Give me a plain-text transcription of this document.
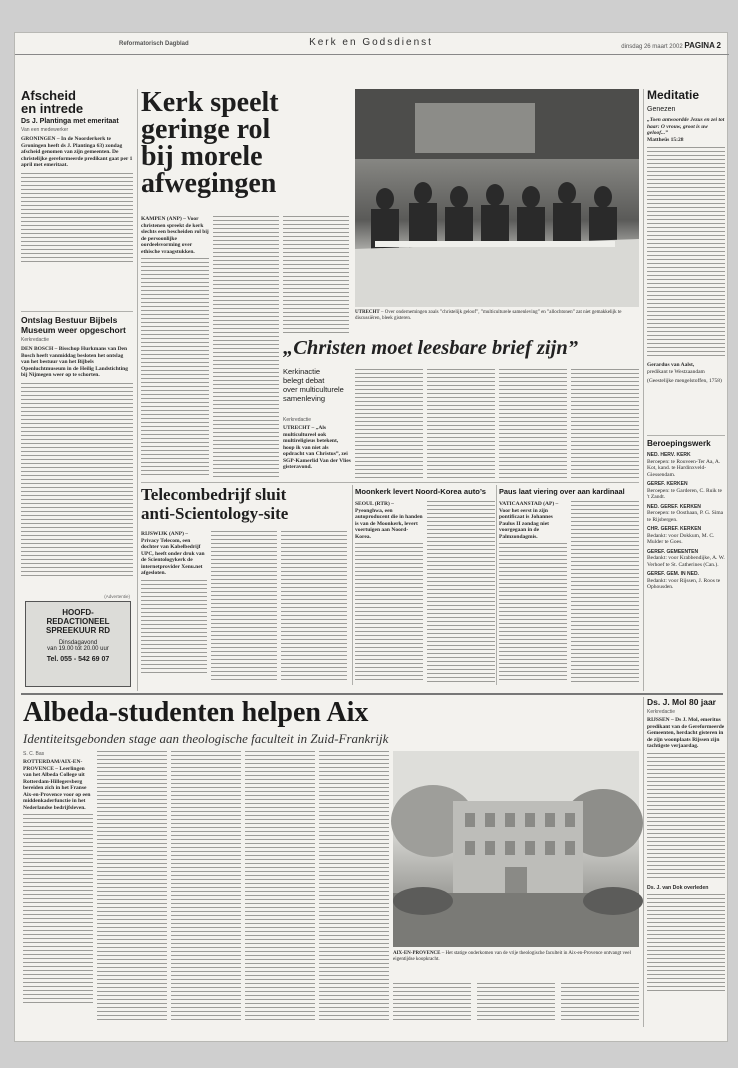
Reformatorisch Dagblad	Kerk en Godsdienst	dinsdag 26 maart 2002 PAGINA 2
Afscheid
en intrede
Ds J. Plantinga met emeritaat
Van een medewerker
GRONINGEN – In de Noorderkerk te Groningen heeft ds J. Plantinga 63) zondag afscheid genomen van zijn gemeenten. De christelijke gereformeerde predikant gaat per 1 april met emeritaat.
Ontslag Bestuur Bijbels Museum weer opgeschort
Kerkredactie
DEN BOSCH – Bisschop Hurkmans van Den Bosch heeft vanmiddag besloten het ontslag van het bestuur van het Bijbels Openluchtmuseum in de Heilig Landstichting bij Nijmegen weer op te schorten.
(Advertentie)
HOOFD-
REDACTIONEEL
SPREEKUUR RD
Dinsdagavond
van 19.00 tot 20.00 uur
Tel. 055 - 542 69 07
Kerk speelt
geringe rol
bij morele
afwegingen
KAMPEN (ANP) – Voor christenen spreekt de kerk slechts een bescheiden rol bij de persoonlijke oordeelsvorming over ethische vraagstukken.
UTRECHT – Over ondernemingen zoals ”christelijk geloof”, ”multiculturele samenleving” en ”allochtonen” zat niet gemakkelijk te discussiëren, bleek gisteren.
„Christen moet leesbare brief zijn”
Kerkinactie
belegt debat
over multiculturele
samenleving
Kerkredactie
UTRECHT – „Als multicultureel ook multireligieus betekent, hoop ik van niet als opdracht van Christus”, zei SGP-Kamerlid Van der Vlies gisteravond.
Telecombedrijf sluit
anti-Scientology-site
RIJSWIJK (ANP) – Privacy Telecom, een dochter van Kabelbedrijf UPC, heeft onder druk van de Scientologykerk de internetprovider Xenu.net afgesloten.
Moonkerk levert Noord-Korea auto’s
SEOUL (RTR) – Pyeonghwa, een autoproducent die in handen is van de Moonkerk, levert voertuigen aan Noord-Korea.
Paus laat viering over aan kardinaal
VATICAANSTAD (AP) – Voor het eerst in zijn pontificaat is Johannes Paulus II zondag niet voorgegaan in de Palmzondagmis.
Meditatie
Genezen
„Toen antwoordde Jezus en zei tot haar: O vrouw, groot is uw geloof...”
Mattheüs 15:28
Gerardus van Aalst,
predikant te Westzaandam
(Geestelijke mengelstoffen, 1758)
Beroepingswerk
NED. HERV. KERK
Beroepen: te Rouveen-Ter Aa, A. Kot, kand. te Hardinxveld-Giessendam.
GEREF. KERKEN
Beroepen: te Garderen, C. Ruik te 't Zandt.
NED. GEREF. KERKEN
Beroepen: te Oosthaan, P. G. Sima te Rijsbergen.
CHR. GEREF. KERKEN
Bedankt: voor Dokkum, M. C. Mulder te Goes.
GEREF. GEMEENTEN
Bedankt: voor Krabbendijke, A. W. Verhoef te St. Catherines (Can.).
GEREF. GEM. IN NED.
Bedankt: voor Rijssen, J. Roos te Ophousden.
Albeda-studenten helpen Aix
Identiteitsgebonden stage aan theologische faculteit in Zuid-Frankrijk
S. C. Bas
ROTTERDAM/AIX-EN-PROVENCE – Leerlingen van het Albeda College uit Rotterdam-Hillegersberg bereiden zich in het Franse Aix-en-Provence voor op een middenkaderfunctie in het Nederlandse bedrijfsleven.
AIX-EN-PROVENCE – Het statige onderkomen van de vrije theologische faculteit in Aix-en-Provence ontvangt veel eigentijdse koopkracht.
Ds. J. Mol 80 jaar
Kerkredactie
RIJSSEN – Ds J. Mol, emeritus predikant van de Gereformeerde Gemeenten, herdacht gisteren in de zijn woonplaats Rijssen zijn tachtigste verjaardag.
Ds. J. van Dok overleden
